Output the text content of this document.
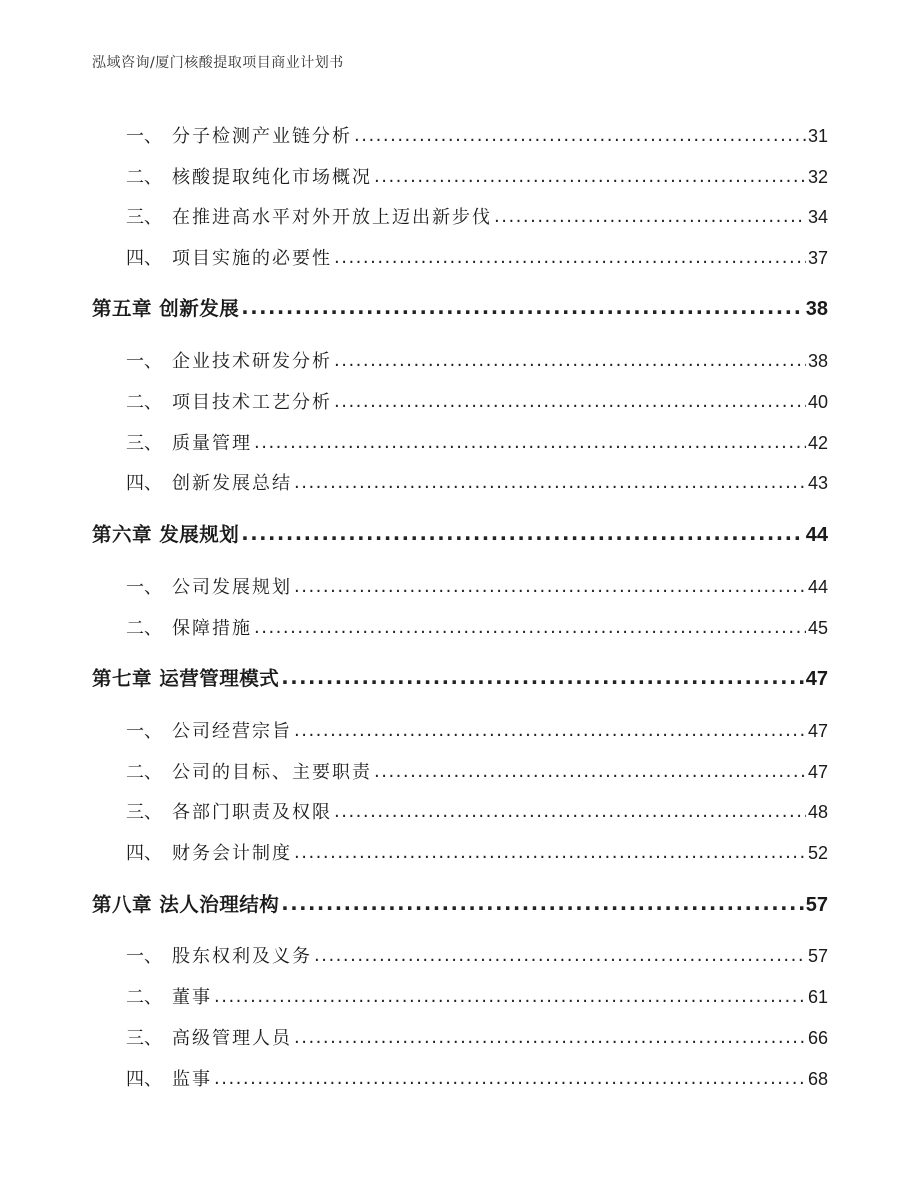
泓域咨询/厦门核酸提取项目商业计划书
一、 分子检测产业链分析 .....	31
二、 核酸提取纯化市场概况 .....	32
三、 在推进高水平对外开放上迈出新步伐 .....	34
四、 项目实施的必要性 .....	37
第五章 创新发展 .....	38
一、 企业技术研发分析 .....	38
二、 项目技术工艺分析 .....	40
三、 质量管理 .....	42
四、 创新发展总结 .....	43
第六章 发展规划 .....	44
一、 公司发展规划 .....	44
二、 保障措施 .....	45
第七章 运营管理模式 .....	47
一、 公司经营宗旨 .....	47
二、 公司的目标、主要职责 .....	47
三、 各部门职责及权限 .....	48
四、 财务会计制度 .....	52
第八章 法人治理结构 .....	57
一、 股东权利及义务 .....	57
二、 董事 .....	61
三、 高级管理人员 .....	66
四、 监事 .....	68
